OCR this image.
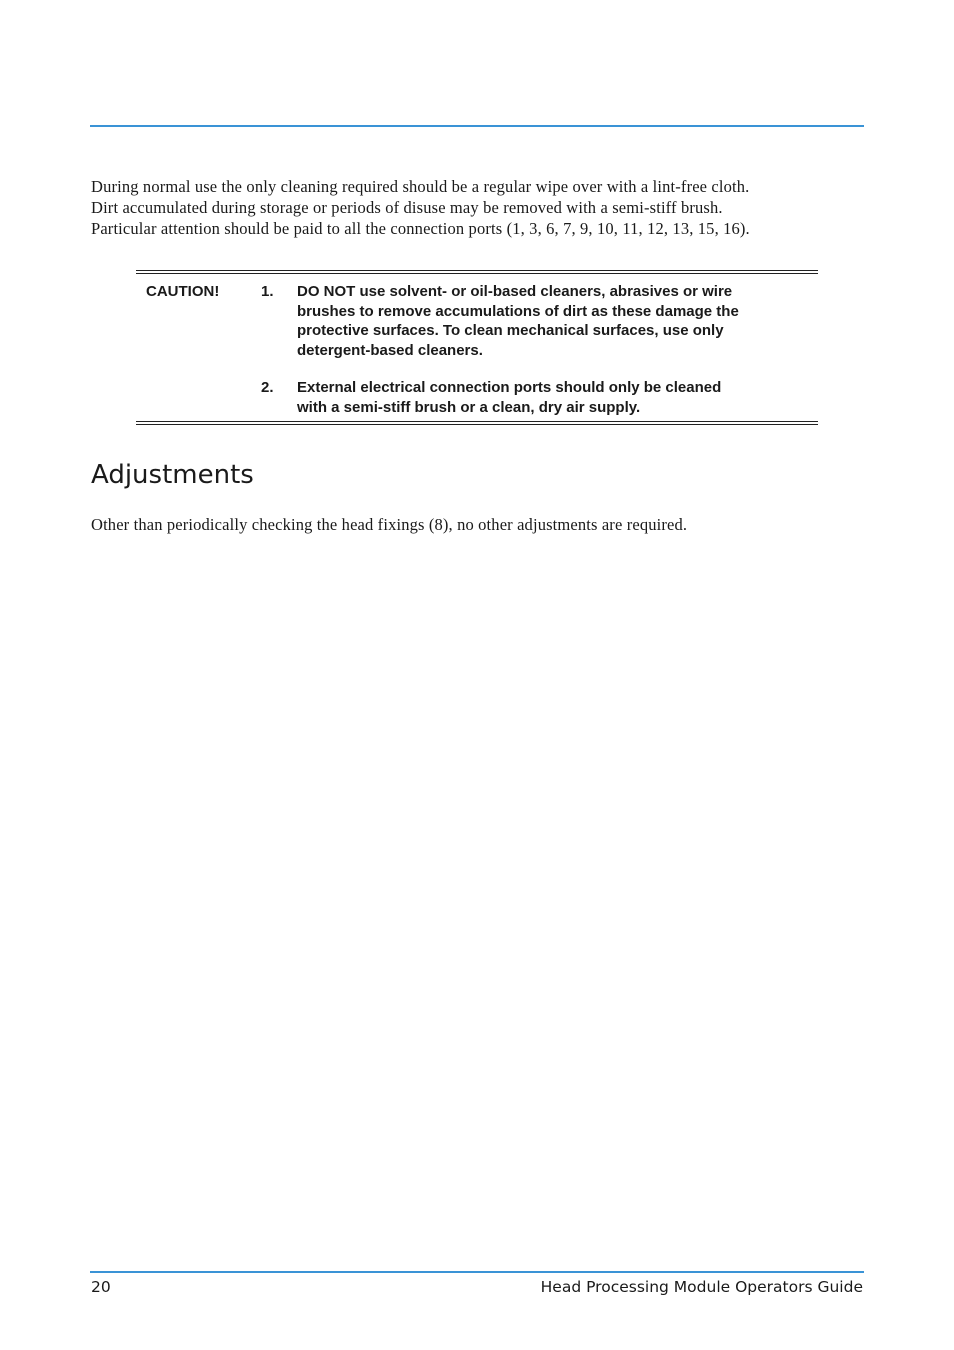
During normal use the only cleaning required should be a regular wipe over with a lint-free cloth.
Dirt accumulated during storage or periods of disuse may be removed with a semi-stiff brush.
Particular attention should be paid to all the connection ports (1, 3, 6, 7, 9, 10, 11, 12, 13, 15, 16).

CAUTION!	1. DO NOT use solvent- or oil-based cleaners, abrasives or wire
brushes to remove accumulations of dirt as these damage the
protective surfaces. To clean mechanical surfaces, use only
detergent-based cleaners.
2. External electrical connection ports should only be cleaned
with a semi-stiff brush or a clean, dry air supply.
Adjustments

Other than periodically checking the head fixings (8), no other adjustments are required.

20	Head Processing Module Operators Guide
